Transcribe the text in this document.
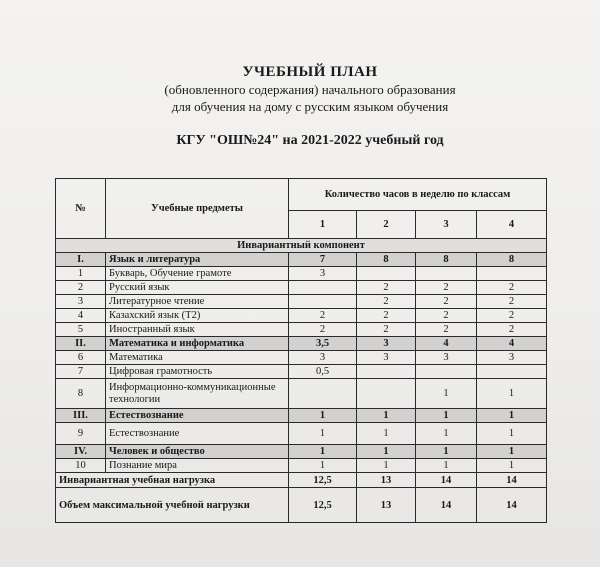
УЧЕБНЫЙ ПЛАН
(обновленного содержания) начального образования
для обучения на дому с русским языком обучения
КГУ "ОШ№24" на 2021-2022 учебный год
№	Учебные предметы	Количество часов в неделю по классам			
		1	2	3	4
Инвариантный компонент					
I.	Язык и литература	7	8	8	8
1	Букварь, Обучение грамоте	3			
2	Русский язык		2	2	2
3	Литературное чтение		2	2	2
4	Казахский язык (Т2)	2	2	2	2
5	Иностранный язык	2	2	2	2
II.	Математика и информатика	3,5	3	4	4
6	Математика	3	3	3	3
7	Цифровая грамотность	0,5			
8	Информационно-коммуникационные технологии			1	1
III.	Естествознание	1	1	1	1
9	Естествознание	1	1	1	1
IV.	Человек и общество	1	1	1	1
10	Познание мира	1	1	1	1
Инвариантная учебная нагрузка		12,5	13	14	14
Объем максимальной учебной нагрузки		12,5	13	14	14
